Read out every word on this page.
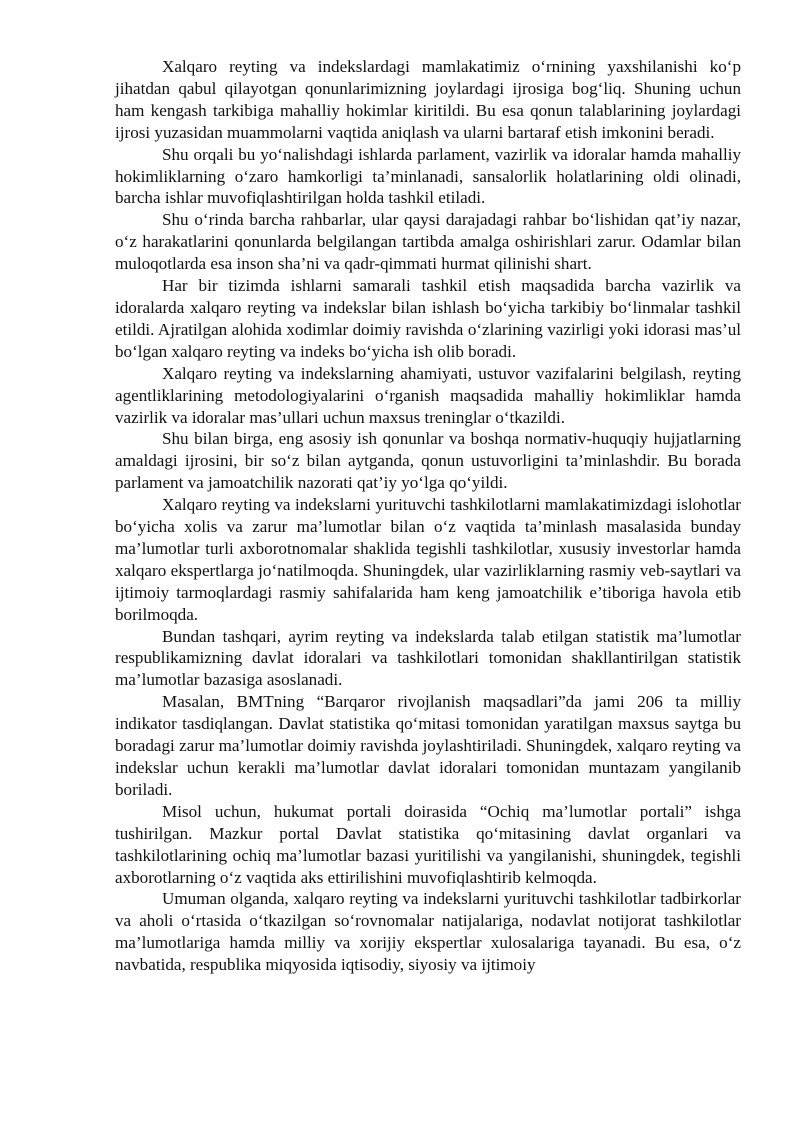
Xalqaro reyting va indekslardagi mamlakatimiz o‘rnining yaxshilanishi ko‘p jihatdan qabul qilayotgan qonunlarimizning joylardagi ijrosiga bog‘liq. Shuning uchun ham kengash tarkibiga mahalliy hokimlar kiritildi. Bu esa qonun talablarining joylardagi ijrosi yuzasidan muammolarni vaqtida aniqlash va ularni bartaraf etish imkonini beradi.

Shu orqali bu yo‘nalishdagi ishlarda parlament, vazirlik va idoralar hamda mahalliy hokimliklarning o‘zaro hamkorligi ta’minlanadi, sansalorlik holatlarining oldi olinadi, barcha ishlar muvofiqlashtirilgan holda tashkil etiladi.

Shu o‘rinda barcha rahbarlar, ular qaysi darajadagi rahbar bo‘lishidan qat’iy nazar, o‘z harakatlarini qonunlarda belgilangan tartibda amalga oshirishlari zarur. Odamlar bilan muloqotlarda esa inson sha’ni va qadr-qimmati hurmat qilinishi shart.

Har bir tizimda ishlarni samarali tashkil etish maqsadida barcha vazirlik va idoralarda xalqaro reyting va indekslar bilan ishlash bo‘yicha tarkibiy bo‘linmalar tashkil etildi. Ajratilgan alohida xodimlar doimiy ravishda o‘zlarining vazirligi yoki idorasi mas’ul bo‘lgan xalqaro reyting va indeks bo‘yicha ish olib boradi.

Xalqaro reyting va indekslarning ahamiyati, ustuvor vazifalarini belgilash, reyting agentliklarining metodologiyalarini o‘rganish maqsadida mahalliy hokimliklar hamda vazirlik va idoralar mas’ullari uchun maxsus treninglar o‘tkazildi.

Shu bilan birga, eng asosiy ish qonunlar va boshqa normativ-huquqiy hujjatlarning amaldagi ijrosini, bir so‘z bilan aytganda, qonun ustuvorligini ta’minlashdir. Bu borada parlament va jamoatchilik nazorati qat’iy yo‘lga qo‘yildi.

Xalqaro reyting va indekslarni yurituvchi tashkilotlarni mamlakatimizdagi islohotlar bo‘yicha xolis va zarur ma’lumotlar bilan o‘z vaqtida ta’minlash masalasida bunday ma’lumotlar turli axborotnomalar shaklida tegishli tashkilotlar, xususiy investorlar hamda xalqaro ekspertlarga jo‘natilmoqda. Shuningdek, ular vazirliklarning rasmiy veb-saytlari va ijtimoiy tarmoqlardagi rasmiy sahifalarida ham keng jamoatchilik e’tiboriga havola etib borilmoqda.

Bundan tashqari, ayrim reyting va indekslarda talab etilgan statistik ma’lumotlar respublikamizning davlat idoralari va tashkilotlari tomonidan shakllantirilgan statistik ma’lumotlar bazasiga asoslanadi.

Masalan, BMTning “Barqaror rivojlanish maqsadlari”da jami 206 ta milliy indikator tasdiqlangan. Davlat statistika qo‘mitasi tomonidan yaratilgan maxsus saytga bu boradagi zarur ma’lumotlar doimiy ravishda joylashtiriladi. Shuningdek, xalqaro reyting va indekslar uchun kerakli ma’lumotlar davlat idoralari tomonidan muntazam yangilanib boriladi.

Misol uchun, hukumat portali doirasida “Ochiq ma’lumotlar portali” ishga tushirilgan. Mazkur portal Davlat statistika qo‘mitasining davlat organlari va tashkilotlarining ochiq ma’lumotlar bazasi yuritilishi va yangilanishi, shuningdek, tegishli axborotlarning o‘z vaqtida aks ettirilishini muvofiqlashtirib kelmoqda.

Umuman olganda, xalqaro reyting va indekslarni yurituvchi tashkilotlar tadbirkorlar va aholi o‘rtasida o‘tkazilgan so‘rovnomalar natijalariga, nodavlat notijorat tashkilotlar ma’lumotlariga hamda milliy va xorijiy ekspertlar xulosalariga tayanadi. Bu esa, o‘z navbatida, respublika miqyosida iqtisodiy, siyosiy va ijtimoiy
